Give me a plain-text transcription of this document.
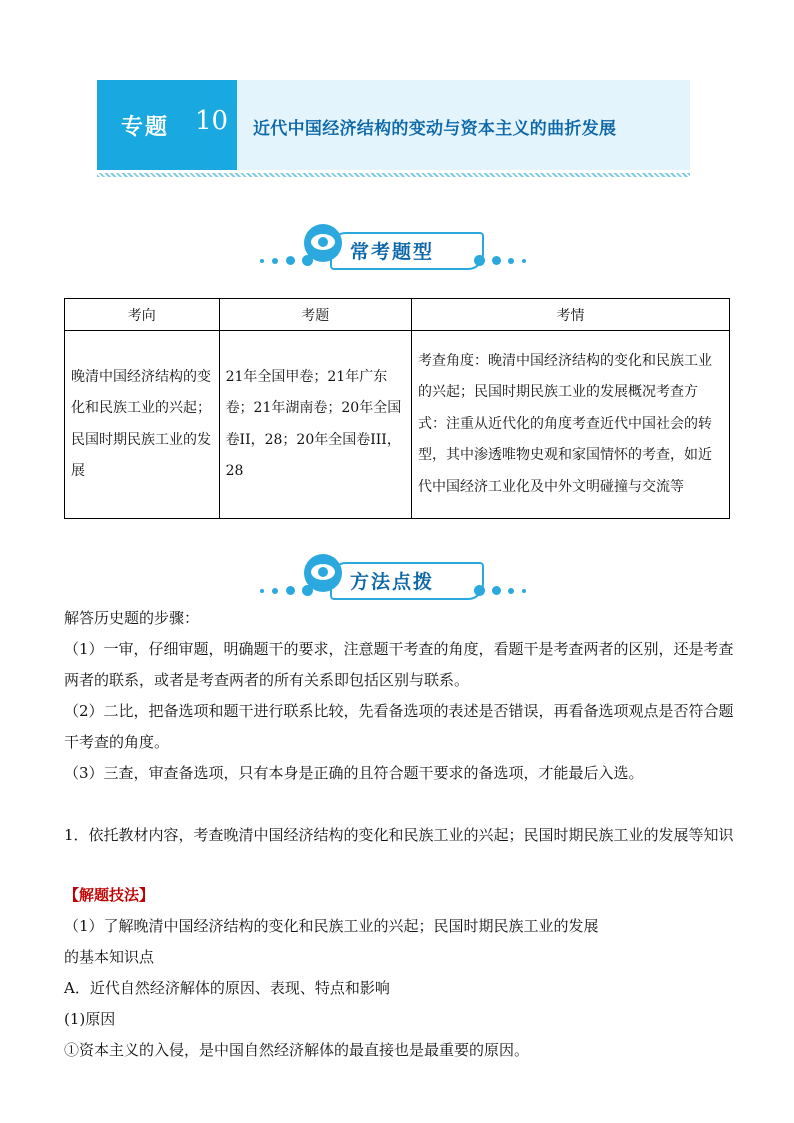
专题 10 近代中国经济结构的变动与资本主义的曲折发展
常考题型
考向	考题	考情
晚清中国经济结构的变化和民族工业的兴起；民国时期民族工业的发展	21年全国甲卷；21年广东卷；21年湖南卷；20年全国卷II，28；20年全国卷III，28	考查角度：晚清中国经济结构的变化和民族工业的兴起；民国时期民族工业的发展概况考查方式：注重从近代化的角度考查近代中国社会的转型，其中渗透唯物史观和家国情怀的考查，如近代中国经济工业化及中外文明碰撞与交流等
方法点拨
解答历史题的步骤：
（1）一审，仔细审题，明确题干的要求，注意题干考查的角度，看题干是考查两者的区别，还是考查两者的联系，或者是考查两者的所有关系即包括区别与联系。
（2）二比，把备选项和题干进行联系比较，先看备选项的表述是否错误，再看备选项观点是否符合题干考查的角度。
（3）三查，审查备选项，只有本身是正确的且符合题干要求的备选项，才能最后入选。
1．依托教材内容，考查晚清中国经济结构的变化和民族工业的兴起；民国时期民族工业的发展等知识
【解题技法】
（1）了解晚清中国经济结构的变化和民族工业的兴起；民国时期民族工业的发展
的基本知识点
A．近代自然经济解体的原因、表现、特点和影响
(1)原因
①资本主义的入侵，是中国自然经济解体的最直接也是最重要的原因。
